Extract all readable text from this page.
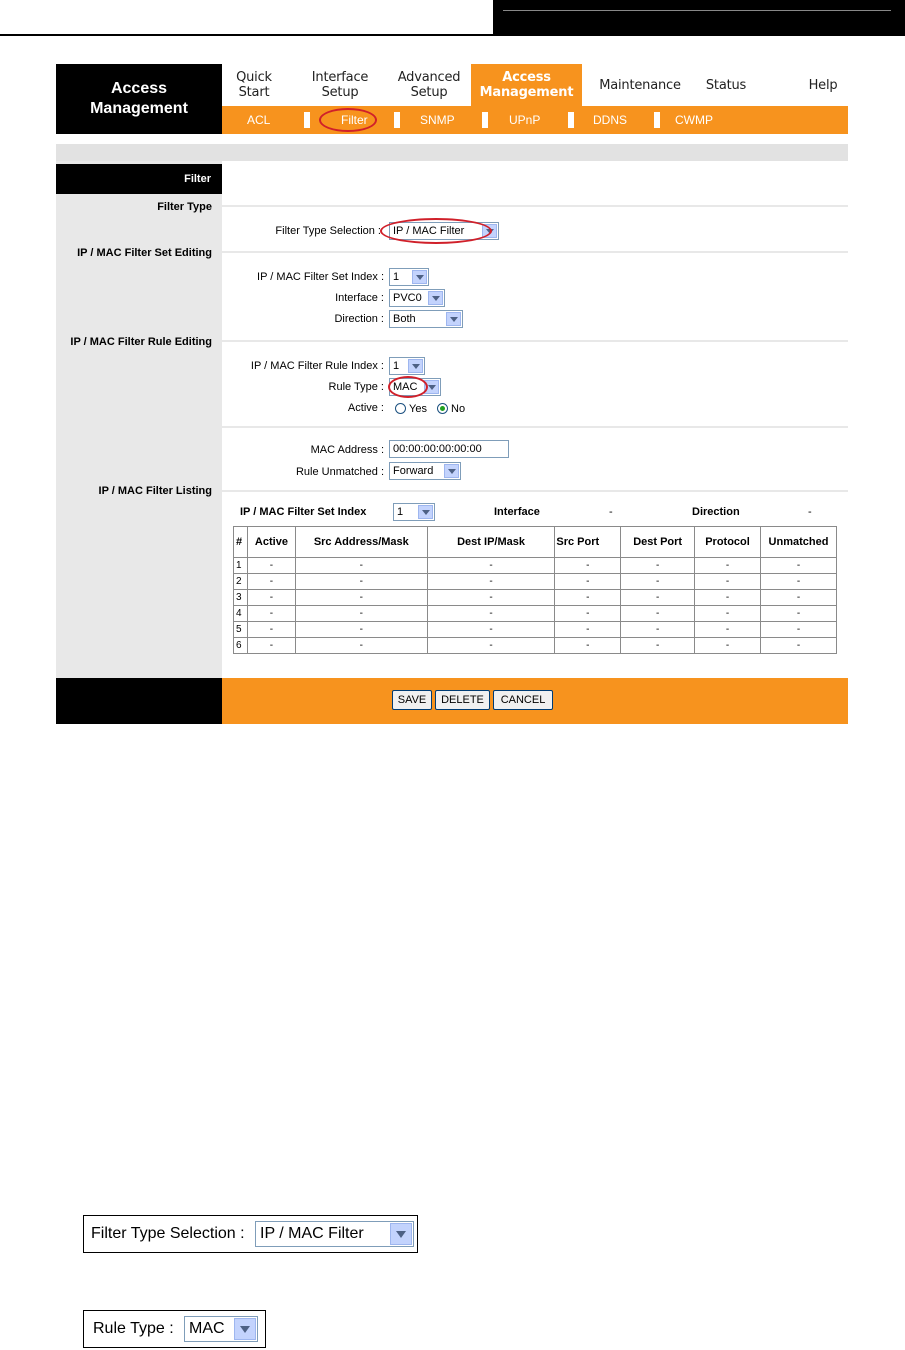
Access
Management
Quick
Start
Interface
Setup
Advanced
Setup
Access
Management	Maintenance	Status	Help
ACL	Filter	SNMP	UPnP	DDNS	CWMP
Filter
Filter Type
IP / MAC Filter Set Editing
IP / MAC Filter Rule Editing
IP / MAC Filter Listing
Filter Type Selection :	IP / MAC Filter
IP / MAC Filter Set Index : 1
Interface : PVC0
Direction : Both
IP / MAC Filter Rule Index : 1
Rule Type : MAC
Active : Yes No
MAC Address : 00:00:00:00:00:00
Rule Unmatched : Forward
IP / MAC Filter Set Index	1	Interface	-	Direction	-
#	Active	Src Address/Mask	Dest IP/Mask	Src Port	Dest Port	Protocol	Unmatched
1	-	-	-	-	-	-	-
2	-	-	-	-	-	-	-
3	-	-	-	-	-	-	-
4	-	-	-	-	-	-	-
5	-	-	-	-	-	-	-
6	-	-	-	-	-	-	-
SAVE	DELETE	CANCEL
Filter Type Selection : IP / MAC Filter
Rule Type : MAC
